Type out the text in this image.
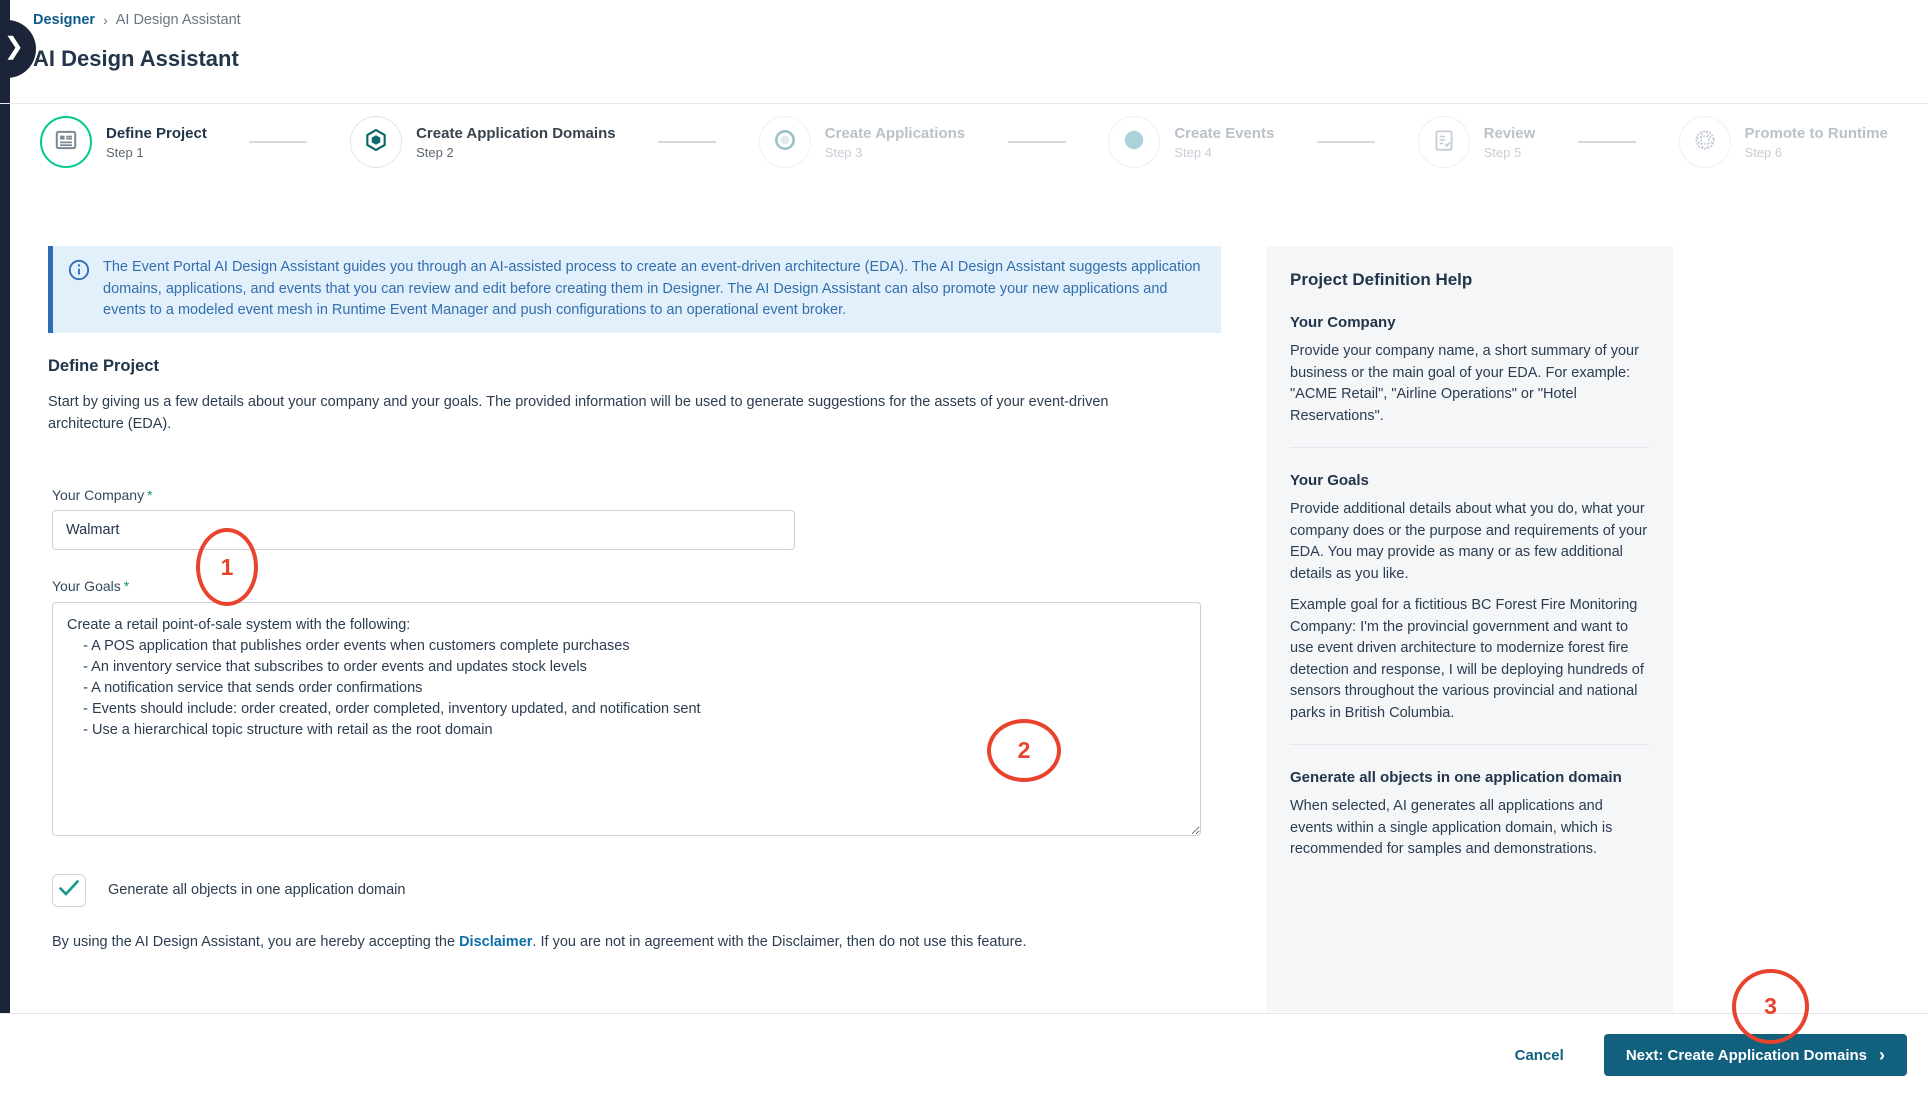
❯
Designer › AI Design Assistant
AI Design Assistant
Define Project
Step 1
Create Application Domains
Step 2
Create Applications
Step 3
Create Events
Step 4
Review
Step 5
Promote to Runtime
Step 6

The Event Portal AI Design Assistant guides you through an AI-assisted process to create an event-driven architecture (EDA). The AI Design Assistant suggests application domains, applications, and events that you can review and edit before creating them in Designer. The AI Design Assistant can also promote your new applications and events to a modeled event mesh in Runtime Event Manager and push configurations to an operational event broker.

Define Project

Start by giving us a few details about your company and your goals. The provided information will be used to generate suggestions for the assets of your event-driven architecture (EDA).

Your Company *
Walmart
Your Goals *
Create a retail point-of-sale system with the following: - A POS application that publishes order events when customers complete purchases - An inventory service that subscribes to order events and updates stock levels - A notification service that sends order confirmations - Events should include: order created, order completed, inventory updated, and notification sent - Use a hierarchical topic structure with retail as the root domain
Generate all objects in one application domain

By using the AI Design Assistant, you are hereby accepting the Disclaimer. If you are not in agreement with the Disclaimer, then do not use this feature.

Project Definition Help
Your Company

Provide your company name, a short summary of your business or the main goal of your EDA. For example: "ACME Retail", "Airline Operations" or "Hotel Reservations".

Your Goals

Provide additional details about what you do, what your company does or the purpose and requirements of your EDA. You may provide as many or as few additional details as you like.

Example goal for a fictitious BC Forest Fire Monitoring Company: I'm the provincial government and want to use event driven architecture to modernize forest fire detection and response, I will be deploying hundreds of sensors throughout the various provincial and national parks in British Columbia.

Generate all objects in one application domain

When selected, AI generates all applications and events within a single application domain, which is recommended for samples and demonstrations.

Cancel	Next: Create Application Domains ›
1
2
3
